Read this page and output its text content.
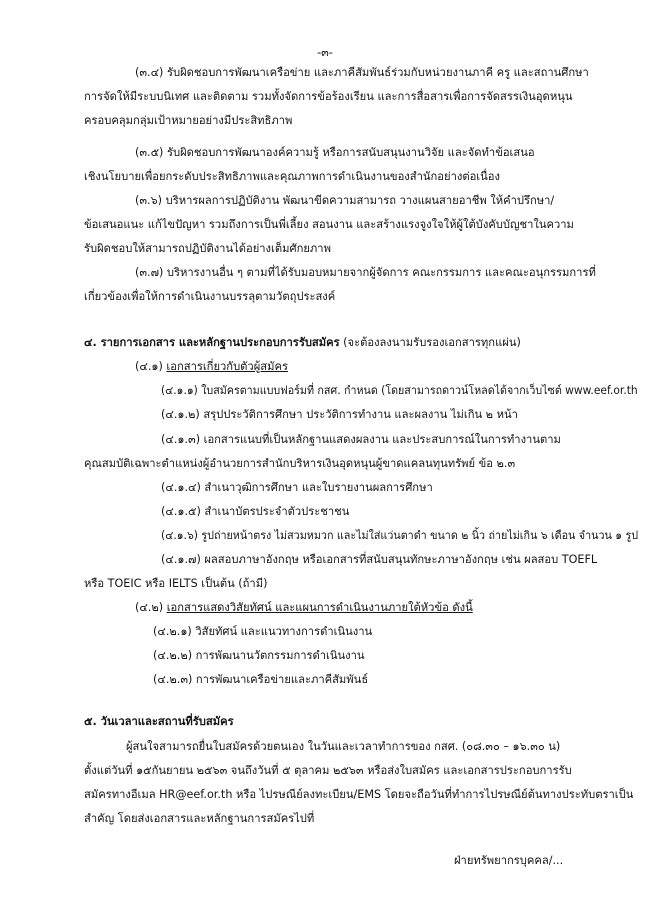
-๓-
(๓.๔) รับผิดชอบการพัฒนาเครือข่าย และภาคีสัมพันธ์ร่วมกับหน่วยงานภาคี ครู และสถานศึกษา
การจัดให้มีระบบนิเทศ และติดตาม รวมทั้งจัดการข้อร้องเรียน และการสื่อสารเพื่อการจัดสรรเงินอุดหนุน
ครอบคลุมกลุ่มเป้าหมายอย่างมีประสิทธิภาพ
(๓.๕) รับผิดชอบการพัฒนาองค์ความรู้ หรือการสนับสนุนงานวิจัย และจัดทำข้อเสนอ
เชิงนโยบายเพื่อยกระดับประสิทธิภาพและคุณภาพการดำเนินงานของสำนักอย่างต่อเนื่อง
(๓.๖) บริหารผลการปฏิบัติงาน พัฒนาขีดความสามารถ วางแผนสายอาชีพ ให้คำปรึกษา/
ข้อเสนอแนะ แก้ไขปัญหา รวมถึงการเป็นพี่เลี้ยง สอนงาน และสร้างแรงจูงใจให้ผู้ใต้บังคับบัญชาในความ
รับผิดชอบให้สามารถปฏิบัติงานได้อย่างเต็มศักยภาพ
(๓.๗) บริหารงานอื่น ๆ ตามที่ได้รับมอบหมายจากผู้จัดการ คณะกรรมการ และคณะอนุกรรมการที่
เกี่ยวข้องเพื่อให้การดำเนินงานบรรลุตามวัตถุประสงค์
๔. รายการเอกสาร และหลักฐานประกอบการรับสมัคร (จะต้องลงนามรับรองเอกสารทุกแผ่น)
(๔.๑) เอกสารเกี่ยวกับตัวผู้สมัคร
(๔.๑.๑) ใบสมัครตามแบบฟอร์มที่ กสศ. กำหนด (โดยสามารถดาวน์โหลดได้จากเว็บไซต์ www.eef.or.th
(๔.๑.๒) สรุปประวัติการศึกษา ประวัติการทำงาน และผลงาน ไม่เกิน ๒ หน้า
(๔.๑.๓) เอกสารแนบที่เป็นหลักฐานแสดงผลงาน และประสบการณ์ในการทำงานตาม
คุณสมบัติเฉพาะตำแหน่งผู้อำนวยการสำนักบริหารเงินอุดหนุนผู้ขาดแคลนทุนทรัพย์ ข้อ ๒.๓
(๔.๑.๔) สำเนาวุฒิการศึกษา และใบรายงานผลการศึกษา
(๔.๑.๕) สำเนาบัตรประจำตัวประชาชน
(๔.๑.๖) รูปถ่ายหน้าตรง ไม่สวมหมวก และไม่ใส่แว่นตาดำ ขนาด ๒ นิ้ว ถ่ายไม่เกิน ๖ เดือน จำนวน ๑ รูป
(๔.๑.๗) ผลสอบภาษาอังกฤษ หรือเอกสารที่สนับสนุนทักษะภาษาอังกฤษ เช่น ผลสอบ TOEFL
หรือ TOEIC หรือ IELTS เป็นต้น (ถ้ามี)
(๔.๒) เอกสารแสดงวิสัยทัศน์ และแผนการดำเนินงานภายใต้หัวข้อ ดังนี้
(๔.๒.๑) วิสัยทัศน์ และแนวทางการดำเนินงาน
(๔.๒.๒) การพัฒนานวัตกรรมการดำเนินงาน
(๔.๒.๓) การพัฒนาเครือข่ายและภาคีสัมพันธ์
๕. วันเวลาและสถานที่รับสมัคร
ผู้สนใจสามารถยื่นใบสมัครด้วยตนเอง ในวันและเวลาทำการของ กสศ. (๐๘.๓๐ – ๑๖.๓๐ น)
ตั้งแต่วันที่ ๑๕กันยายน ๒๕๖๓ จนถึงวันที่ ๕ ตุลาคม ๒๕๖๓ หรือส่งใบสมัคร และเอกสารประกอบการรับ
สมัครทางอีเมล HR@eef.or.th หรือ ไปรษณีย์ลงทะเบียน/EMS โดยจะถือวันที่ทำการไปรษณีย์ต้นทางประทับตราเป็น
สำคัญ โดยส่งเอกสารและหลักฐานการสมัครไปที่
ฝ่ายทรัพยากรบุคคล/...
